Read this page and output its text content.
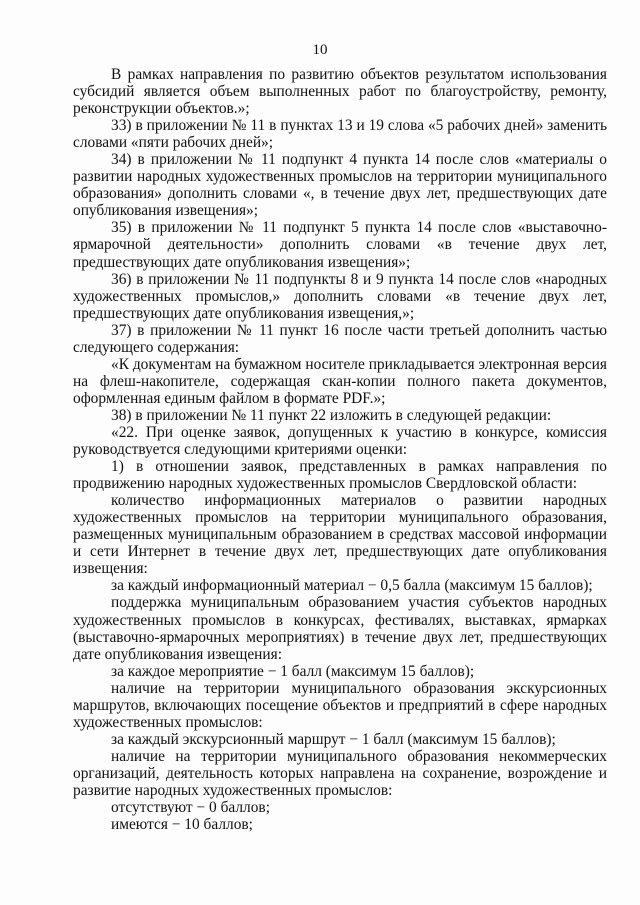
10

В рамках направления по развитию объектов результатом использования субсидий является объем выполненных работ по благоустройству, ремонту, реконструкции объектов.»;

33) в приложении № 11 в пунктах 13 и 19 слова «5 рабочих дней» заменить словами «пяти рабочих дней»;

34) в приложении № 11 подпункт 4 пункта 14 после слов «материалы о развитии народных художественных промыслов на территории муниципального образования» дополнить словами «, в течение двух лет, предшествующих дате опубликования извещения»;

35) в приложении № 11 подпункт 5 пункта 14 после слов «выставочно-ярмарочной деятельности» дополнить словами «в течение двух лет, предшествующих дате опубликования извещения»;

36) в приложении № 11 подпункты 8 и 9 пункта 14 после слов «народных художественных промыслов,» дополнить словами «в течение двух лет, предшествующих дате опубликования извещения,»;

37) в приложении № 11 пункт 16 после части третьей дополнить частью следующего содержания:

«К документам на бумажном носителе прикладывается электронная версия на флеш-накопителе, содержащая скан-копии полного пакета документов, оформленная единым файлом в формате PDF.»;

38) в приложении № 11 пункт 22 изложить в следующей редакции:

«22. При оценке заявок, допущенных к участию в конкурсе, комиссия руководствуется следующими критериями оценки:

1) в отношении заявок, представленных в рамках направления по продвижению народных художественных промыслов Свердловской области:

количество информационных материалов о развитии народных художественных промыслов на территории муниципального образования, размещенных муниципальным образованием в средствах массовой информации и сети Интернет в течение двух лет, предшествующих дате опубликования извещения:

за каждый информационный материал − 0,5 балла (максимум 15 баллов);

поддержка муниципальным образованием участия субъектов народных художественных промыслов в конкурсах, фестивалях, выставках, ярмарках (выставочно-ярмарочных мероприятиях) в течение двух лет, предшествующих дате опубликования извещения:

за каждое мероприятие − 1 балл (максимум 15 баллов);

наличие на территории муниципального образования экскурсионных маршрутов, включающих посещение объектов и предприятий в сфере народных художественных промыслов:

за каждый экскурсионный маршрут − 1 балл (максимум 15 баллов);

наличие на территории муниципального образования некоммерческих организаций, деятельность которых направлена на сохранение, возрождение и развитие народных художественных промыслов:

отсутствуют − 0 баллов;

имеются − 10 баллов;
